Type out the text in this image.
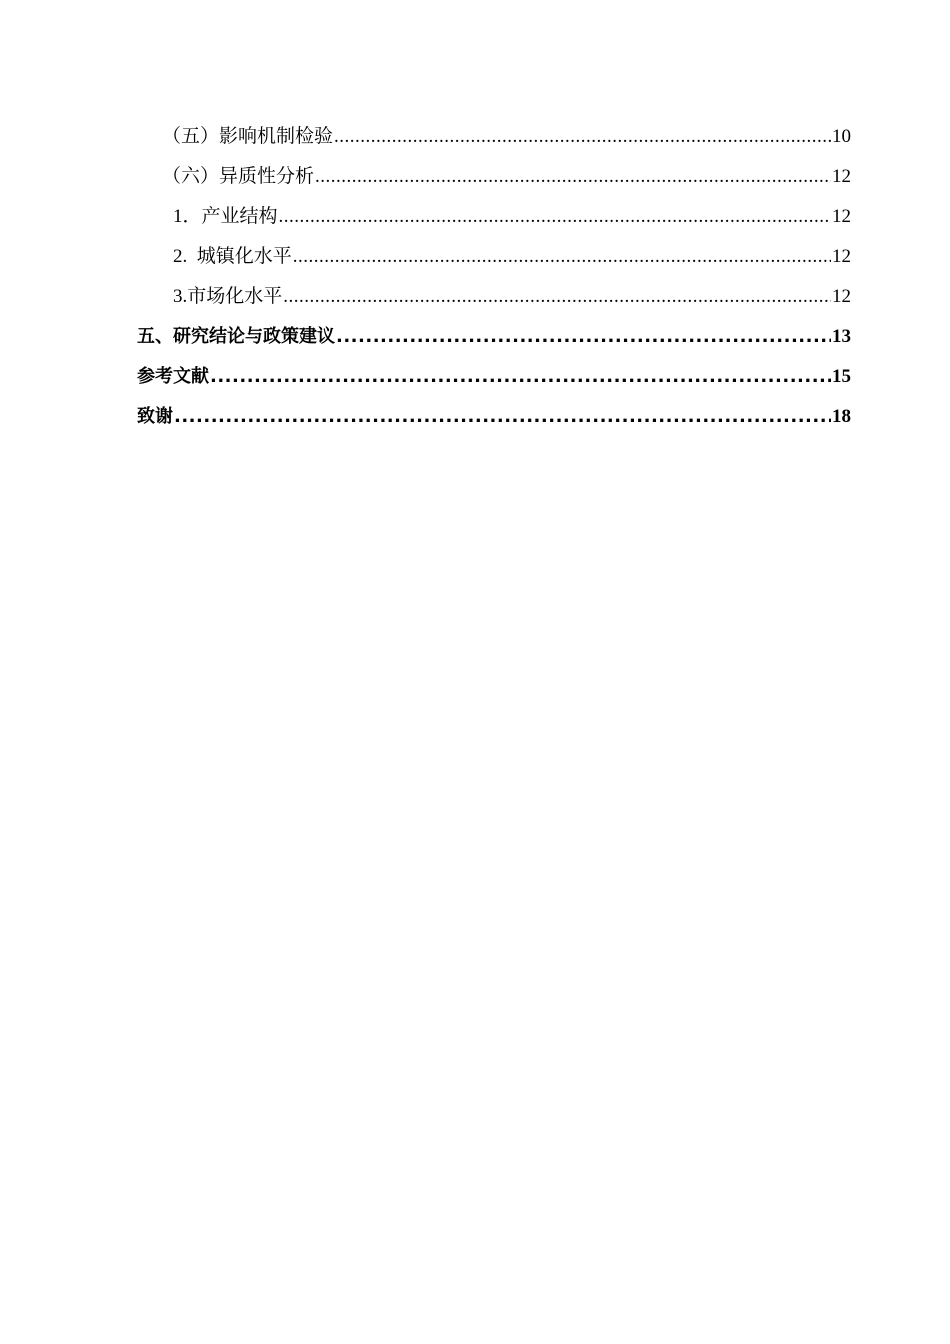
（五）影响机制检验 .....	10
（六）异质性分析 .....	12
1．产业结构 .....	12
2.  城镇化水平 .....	12
3.市场化水平 .....	12
五、研究结论与政策建议 .....	13
参考文献 .....	15
致谢 .....	18
